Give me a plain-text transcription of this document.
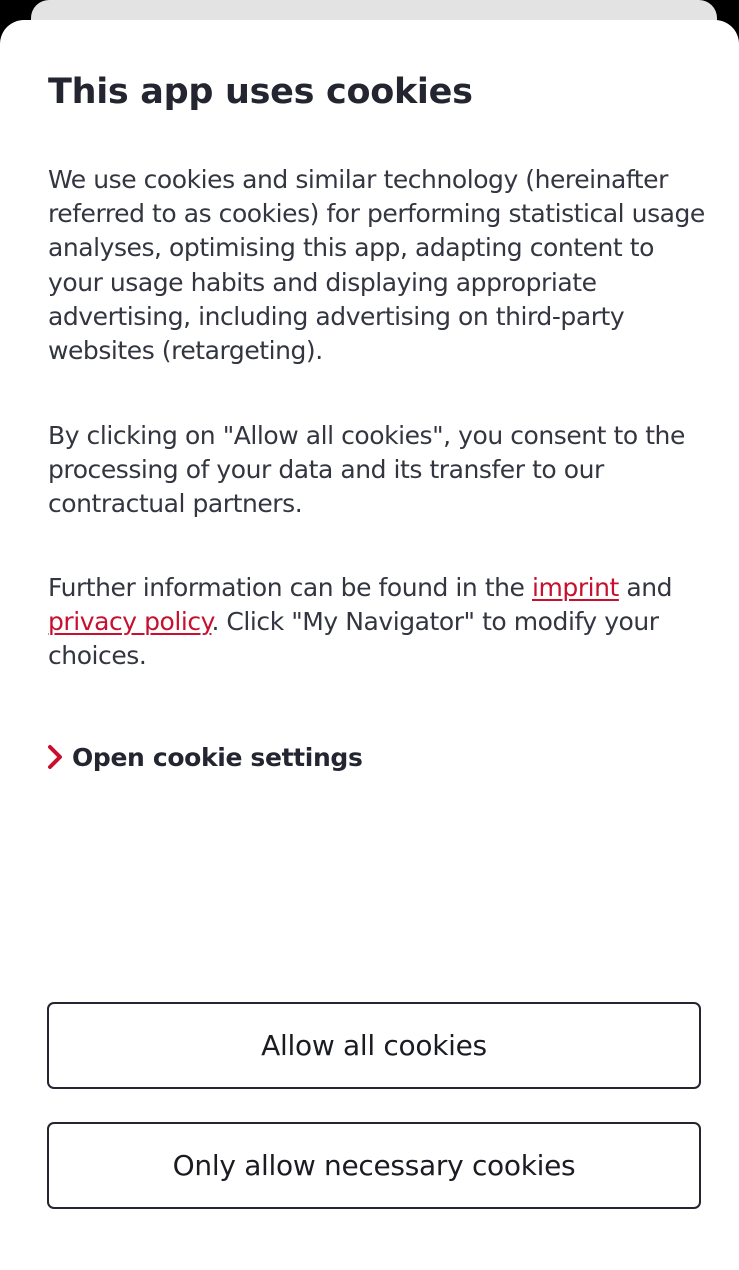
This app uses cookies

We use cookies and similar technology (hereinafter referred to as cookies) for performing statistical usage analyses, optimising this app, adapting content to your usage habits and displaying appropriate advertising, including advertising on third-party websites (retargeting).

By clicking on "Allow all cookies", you consent to the processing of your data and its transfer to our contractual partners.

Further information can be found in the imprint and privacy policy. Click "My Navigator" to modify your choices.

Open cookie settings
Allow all cookies
Only allow necessary cookies
